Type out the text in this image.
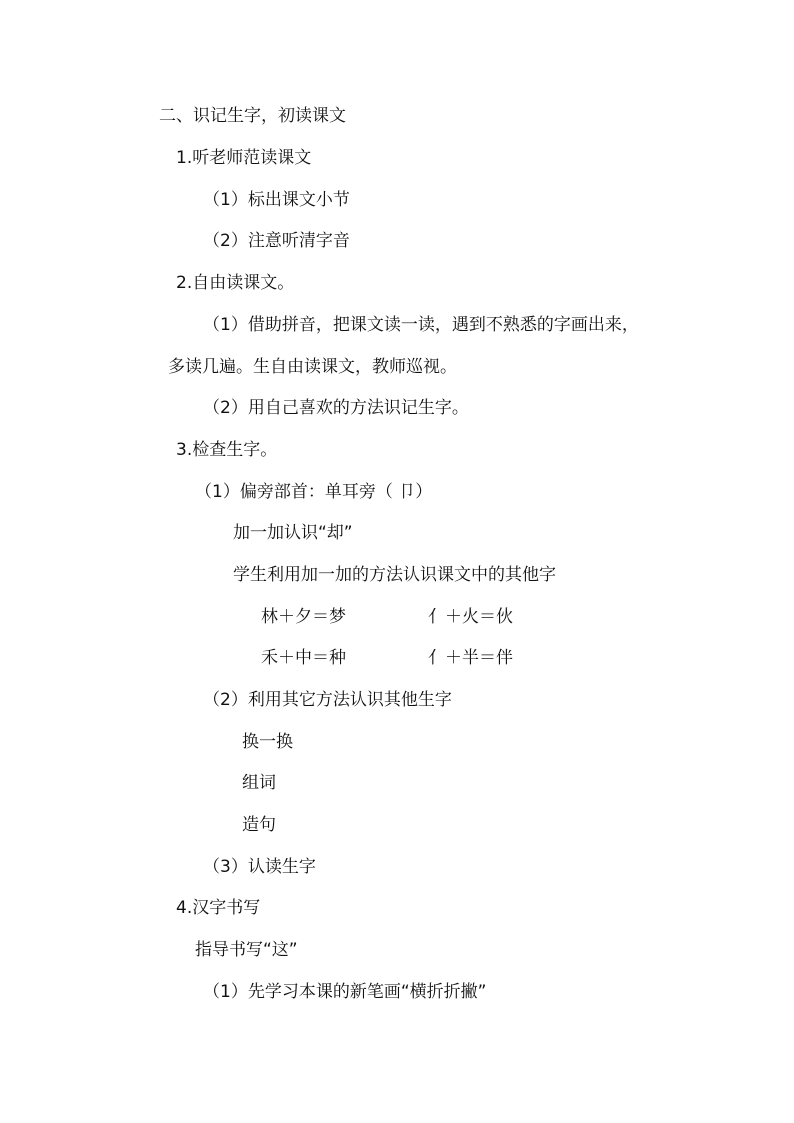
二、识记生字，初读课文
1.听老师范读课文
（1）标出课文小节
（2）注意听清字音
2.自由读课文。
（1）借助拼音，把课文读一读，遇到不熟悉的字画出来，
多读几遍。生自由读课文，教师巡视。
（2）用自己喜欢的方法识记生字。
3.检查生字。
（1）偏旁部首：单耳旁（ 卩）
加一加认识“却”
学生利用加一加的方法认识课文中的其他字
林＋夕＝梦	亻＋火＝伙
禾＋中＝种	亻＋半＝伴
（2）利用其它方法认识其他生字
换一换
组词
造句
（3）认读生字
4.汉字书写
指导书写“这”
（1）先学习本课的新笔画“横折折撇”
